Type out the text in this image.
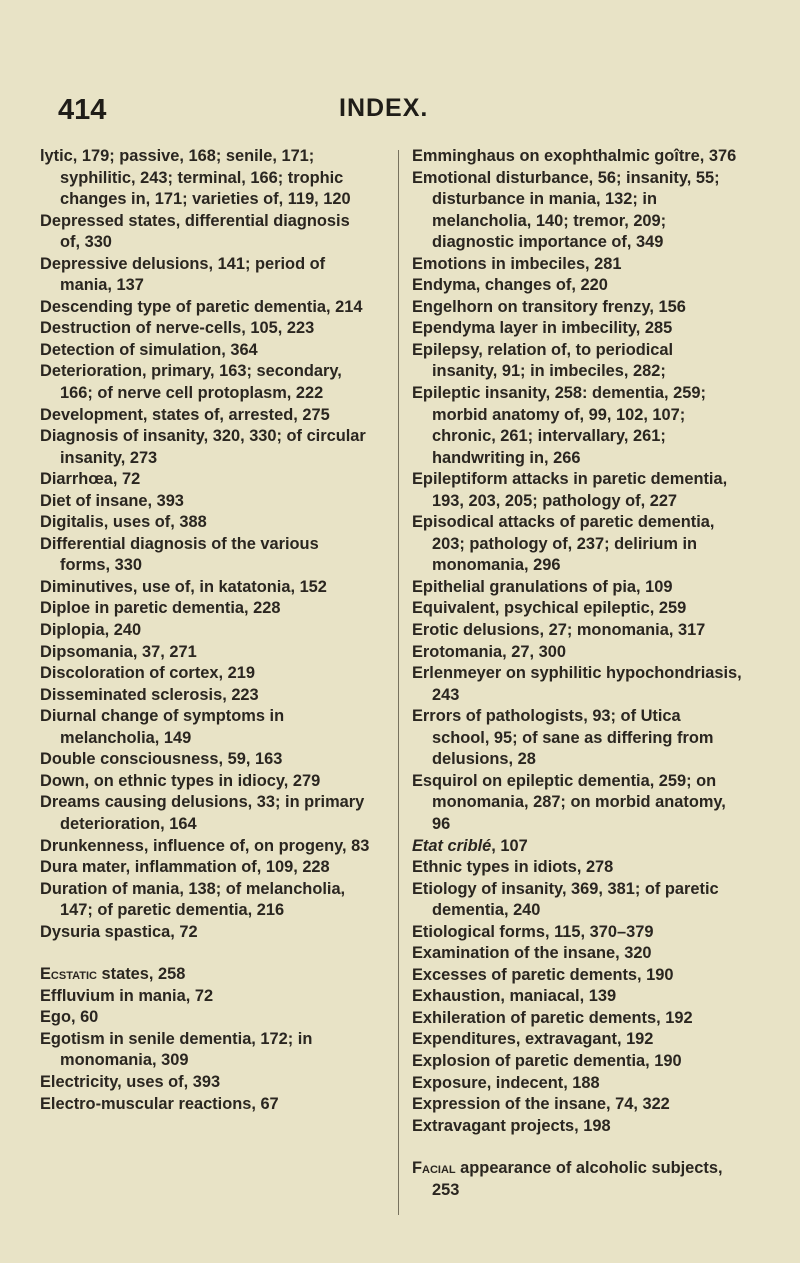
414	INDEX.
lytic, 179; passive, 168; senile, 171; syphilitic, 243; terminal, 166; trophic changes in, 171; varieties of, 119, 120
Depressed states, differential diagnosis of, 330
Depressive delusions, 141; period of mania, 137
Descending type of paretic dementia, 214
Destruction of nerve-cells, 105, 223
Detection of simulation, 364
Deterioration, primary, 163; secondary, 166; of nerve cell protoplasm, 222
Development, states of, arrested, 275
Diagnosis of insanity, 320, 330; of circular insanity, 273
Diarrhœa, 72
Diet of insane, 393
Digitalis, uses of, 388
Differential diagnosis of the various forms, 330
Diminutives, use of, in katatonia, 152
Diploe in paretic dementia, 228
Diplopia, 240
Dipsomania, 37, 271
Discoloration of cortex, 219
Disseminated sclerosis, 223
Diurnal change of symptoms in melancholia, 149
Double consciousness, 59, 163
Down, on ethnic types in idiocy, 279
Dreams causing delusions, 33; in primary deterioration, 164
Drunkenness, influence of, on progeny, 83
Dura mater, inflammation of, 109, 228
Duration of mania, 138; of melancholia, 147; of paretic dementia, 216
Dysuria spastica, 72
Ecstatic states, 258
Effluvium in mania, 72
Ego, 60
Egotism in senile dementia, 172; in monomania, 309
Electricity, uses of, 393
Electro-muscular reactions, 67
Emminghaus on exophthalmic goître, 376
Emotional disturbance, 56; insanity, 55; disturbance in mania, 132; in melancholia, 140; tremor, 209; diagnostic importance of, 349
Emotions in imbeciles, 281
Endyma, changes of, 220
Engelhorn on transitory frenzy, 156
Ependyma layer in imbecility, 285
Epilepsy, relation of, to periodical insanity, 91; in imbeciles, 282;
Epileptic insanity, 258: dementia, 259; morbid anatomy of, 99, 102, 107; chronic, 261; intervallary, 261; handwriting in, 266
Epileptiform attacks in paretic dementia, 193, 203, 205; pathology of, 227
Episodical attacks of paretic dementia, 203; pathology of, 237; delirium in monomania, 296
Epithelial granulations of pia, 109
Equivalent, psychical epileptic, 259
Erotic delusions, 27; monomania, 317
Erotomania, 27, 300
Erlenmeyer on syphilitic hypochondriasis, 243
Errors of pathologists, 93; of Utica school, 95; of sane as differing from delusions, 28
Esquirol on epileptic dementia, 259; on monomania, 287; on morbid anatomy, 96
Etat criblé, 107
Ethnic types in idiots, 278
Etiology of insanity, 369, 381; of paretic dementia, 240
Etiological forms, 115, 370–379
Examination of the insane, 320
Excesses of paretic dements, 190
Exhaustion, maniacal, 139
Exhileration of paretic dements, 192
Expenditures, extravagant, 192
Explosion of paretic dementia, 190
Exposure, indecent, 188
Expression of the insane, 74, 322
Extravagant projects, 198
Facial appearance of alcoholic subjects, 253
